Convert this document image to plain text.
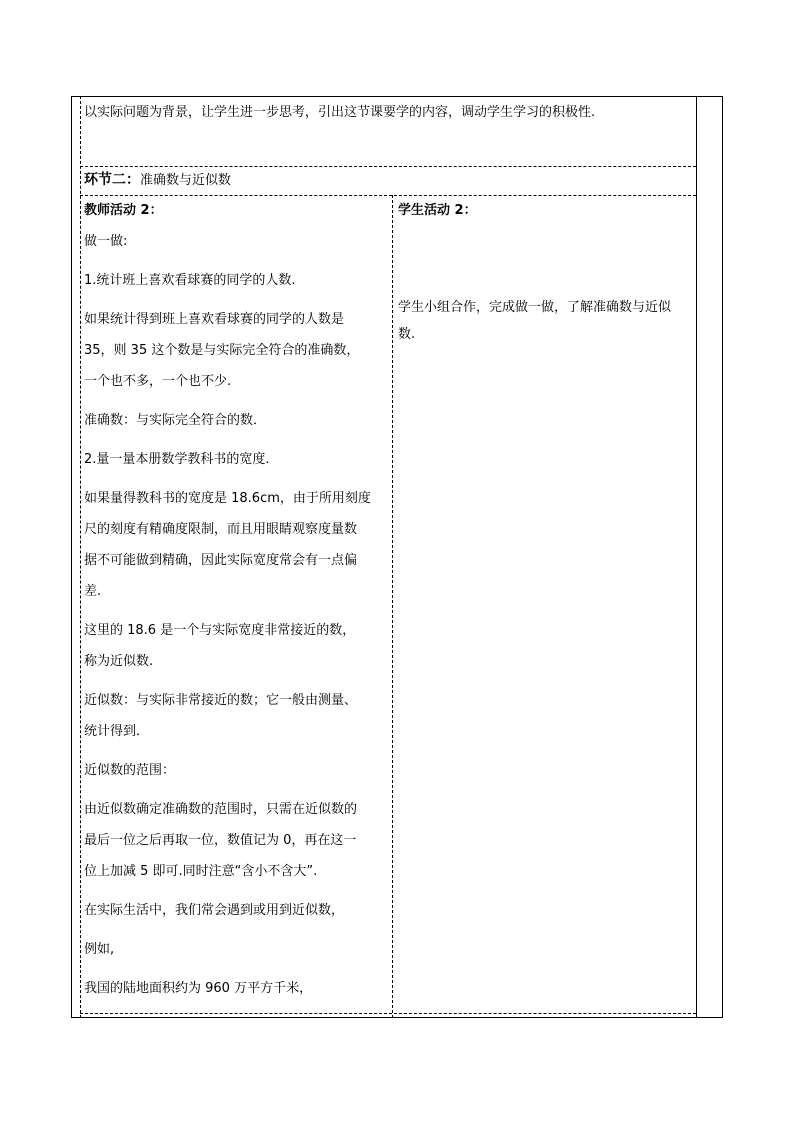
以实际问题为背景，让学生进一步思考，引出这节课要学的内容，调动学生学习的积极性.
环节二：准确数与近似数
教师活动 2：
做一做:
1.统计班上喜欢看球赛的同学的人数.
如果统计得到班上喜欢看球赛的同学的人数是
35，则 35 这个数是与实际完全符合的准确数，
一个也不多，一个也不少.
准确数：与实际完全符合的数．
2.量一量本册数学教科书的宽度.
如果量得教科书的宽度是 18.6cm，由于所用刻度
尺的刻度有精确度限制，而且用眼睛观察度量数
据不可能做到精确，因此实际宽度常会有一点偏
差.
这里的 18.6 是一个与实际宽度非常接近的数，
称为近似数.
近似数：与实际非常接近的数；它一般由测量、
统计得到．
近似数的范围：
由近似数确定准确数的范围时，只需在近似数的
最后一位之后再取一位，数值记为 0，再在这一
位上加减 5 即可.同时注意“含小不含大”.
在实际生活中，我们常会遇到或用到近似数，
例如,
我国的陆地面积约为 960 万平方千米，
学生活动 2：
学生小组合作，完成做一做，了解准确数与近似
数.
